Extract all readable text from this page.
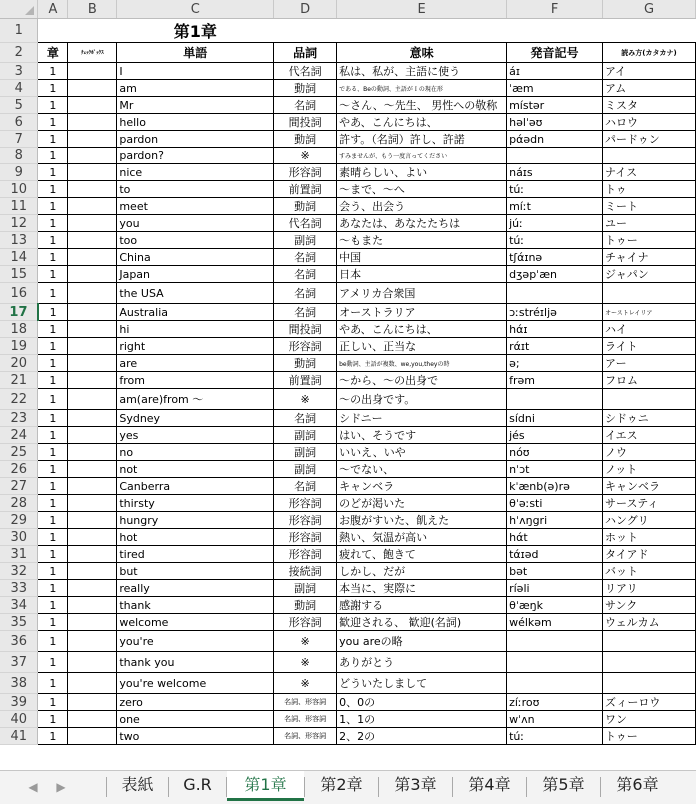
	A	B	C	D	E	F	G
1			第1章				
2	章	ﾁｪｯｸﾎﾞｯｸｽ	単語	品詞	意味	発音記号	読み方(カタカナ)
3	1		I	代名詞	私は、私が、主語に使う	áɪ	アイ
4	1		am	動詞	である、Beの動詞、主語がＩの現在形	ˈæm	アム
5	1		Mr	名詞	～さん、～先生、 男性への敬称	místər	ミスタ
6	1		hello	間投詞	やあ、こんにちは、	həlˈəʊ	ハロウ
7	1		pardon	動詞	許す。（名詞）許し、許諾	pάədn	パードゥン
8	1		pardon?	※	すみませんが、もう一度言ってください		
9	1		nice	形容詞	素晴らしい、よい	náɪs	ナイス
10	1		to	前置詞	～まで、～へ	túː	トゥ
11	1		meet	動詞	会う、出会う	míːt	ミート
12	1		you	代名詞	あなたは、あなたたちは	júː	ユー
13	1		too	副詞	～もまた	túː	トゥー
14	1		China	名詞	中国	tʃάɪnə	チャイナ
15	1		Japan	名詞	日本	dʒəpˈæn	ジャパン
16	1		the USA	名詞	アメリカ合衆国		
17	1		Australia	名詞	オーストラリア	ɔːstréɪljə	オーストレイリア
18	1		hi	間投詞	やあ、こんにちは、	hάɪ	ハイ
19	1		right	形容詞	正しい、正当な	rάɪt	ライト
20	1		are	動詞	be動詞、主語が複数、we,you,theyの時	ə;	アー
21	1		from	前置詞	～から、～の出身で	frəm	フロム
22	1		am(are)from ～	※	～の出身です。		
23	1		Sydney	名詞	シドニー	sídni	シドゥニ
24	1		yes	副詞	はい、そうです	jés	イエス
25	1		no	副詞	いいえ、いや	nóʊ	ノウ
26	1		not	副詞	～でない、	nˈɔt	ノット
27	1		Canberra	名詞	キャンベラ	kˈænb(ə)rə	キャンベラ
28	1		thirsty	形容詞	のどが渇いた	θˈəːsti	サースティ
29	1		hungry	形容詞	お腹がすいた、飢えた	hˈʌŋgri	ハングリ
30	1		hot	形容詞	熱い、気温が高い	hάt	ホット
31	1		tired	形容詞	疲れて、飽きて	tάɪəd	タイアド
32	1		but	接続詞	しかし、だが	bət	バット
33	1		really	副詞	本当に、実際に	ríəli	リアリ
34	1		thank	動詞	感謝する	θˈæŋk	サンク
35	1		welcome	形容詞	歓迎される、 歓迎(名詞)	wélkəm	ウェルカム
36	1		you're	※	you areの略		
37	1		thank you	※	ありがとう		
38	1		you're welcome	※	どういたしまして		
39	1		zero	名詞、形容詞	0、0の	zíːroʊ	ズィーロウ
40	1		one	名詞、形容詞	1、1の	wˈʌn	ワン
41	1		two	名詞、形容詞	2、2の	túː	トゥー
◀ ▶	表紙	G.R	第1章	第2章	第3章	第4章	第5章	第6章
